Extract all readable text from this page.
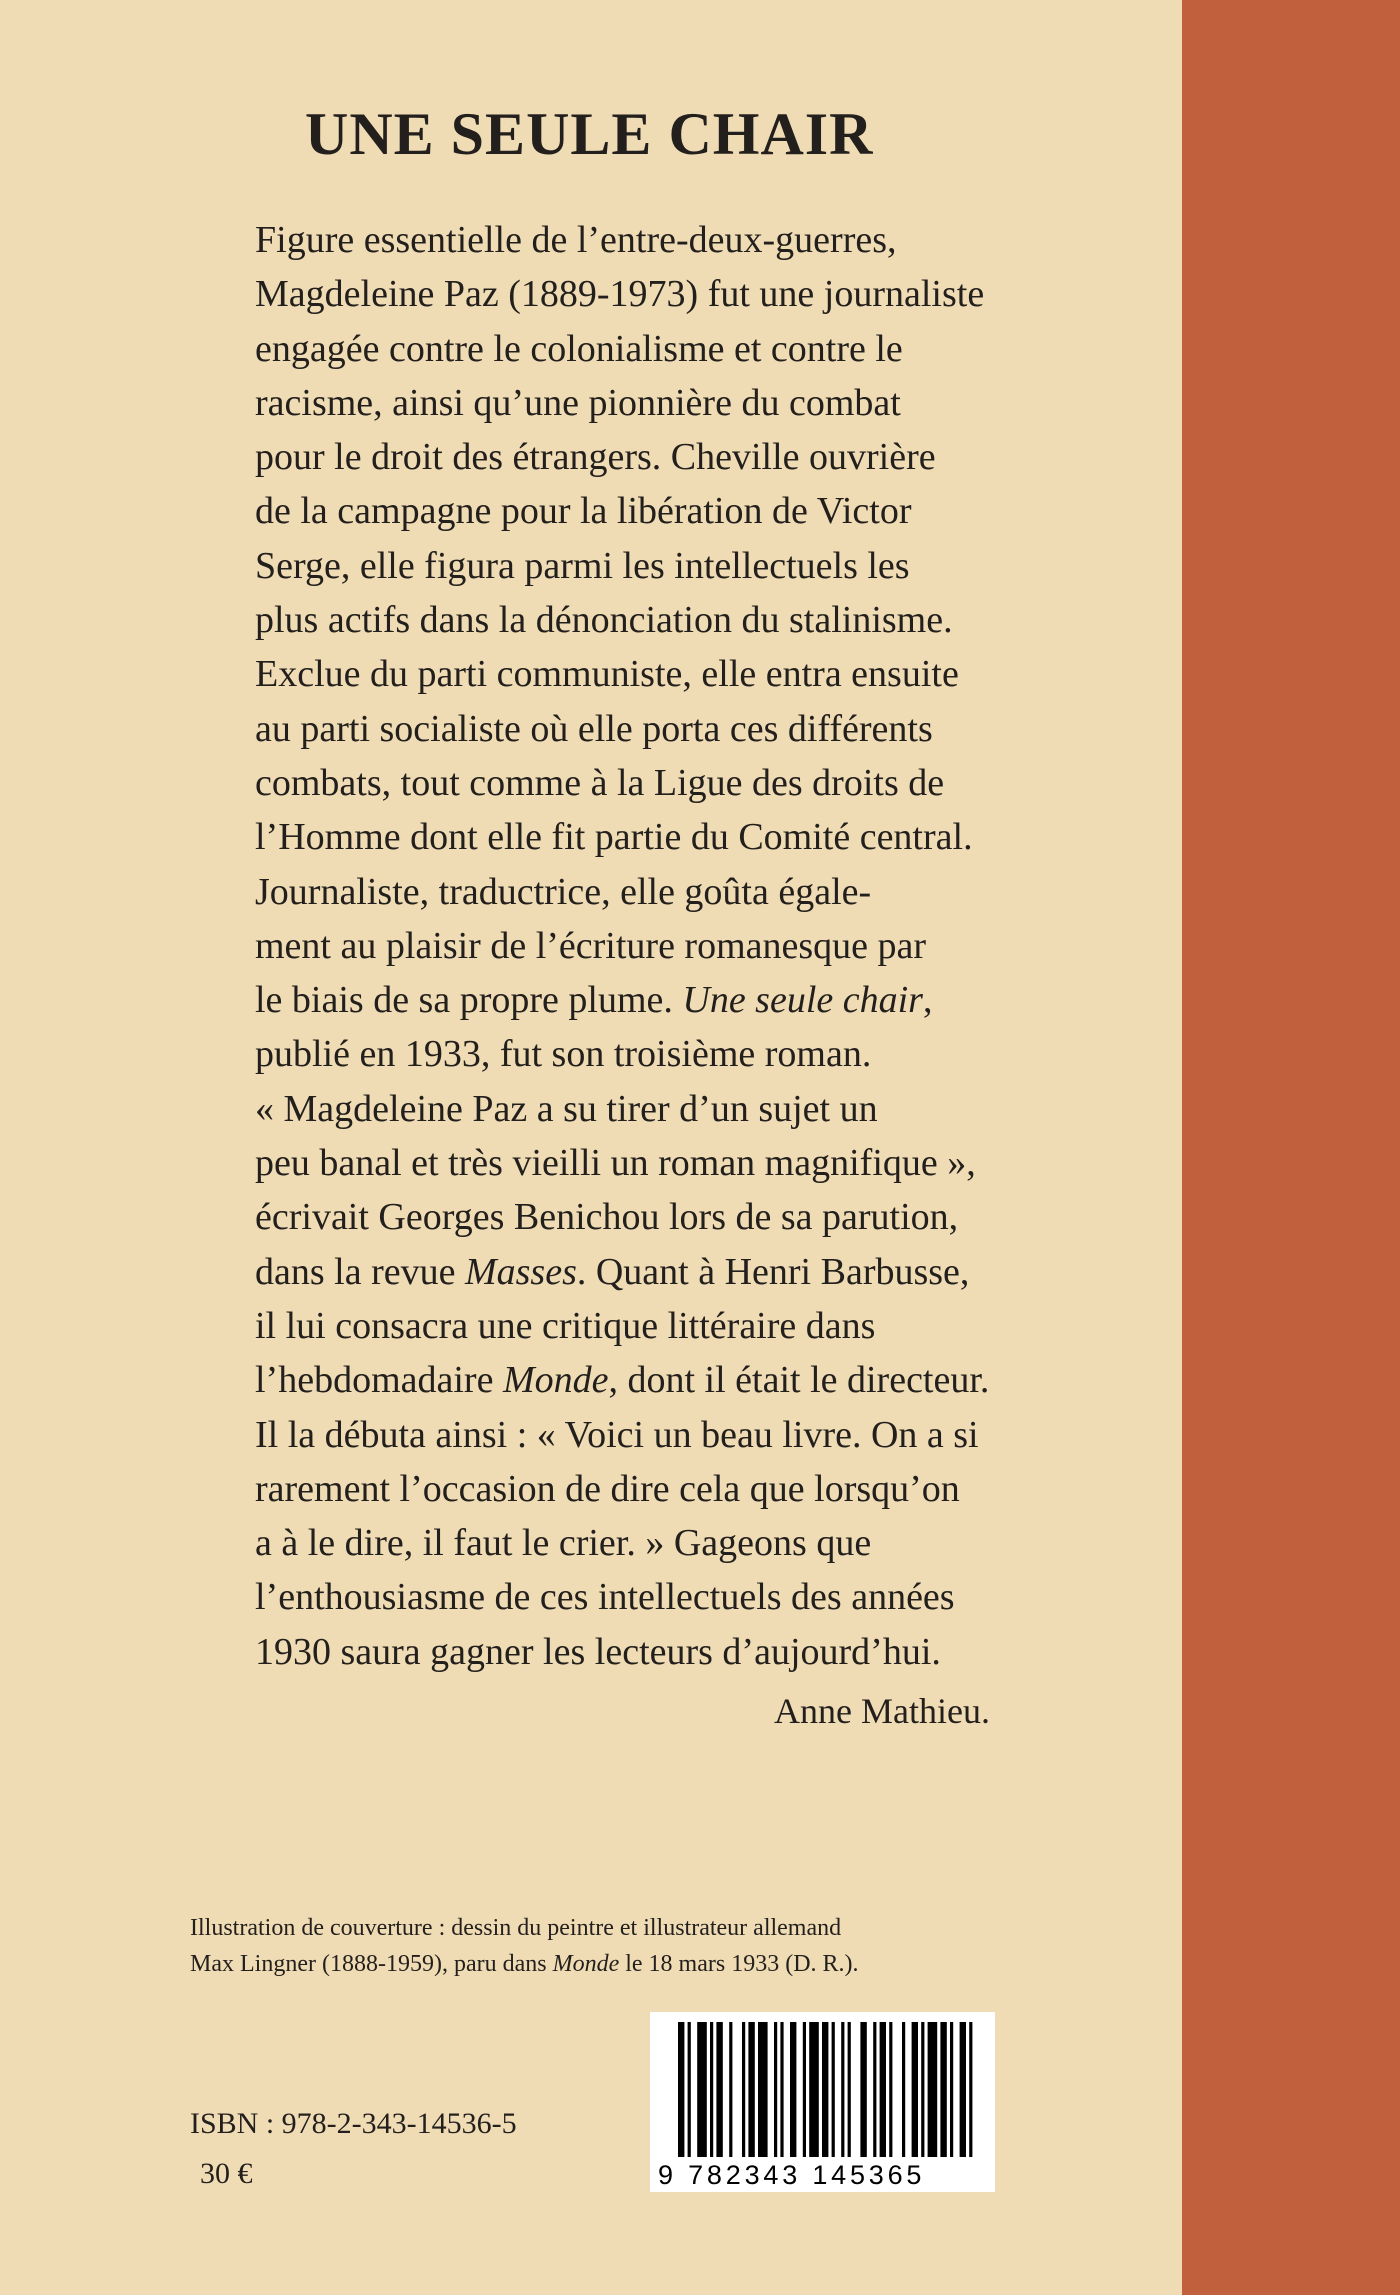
UNE SEULE CHAIR

Figure essentielle de l’entre-deux-guerres,
Magdeleine Paz (1889-1973) fut une journaliste
engagée contre le colonialisme et contre le
racisme, ainsi qu’une pionnière du combat
pour le droit des étrangers. Cheville ouvrière
de la campagne pour la libération de Victor
Serge, elle figura parmi les intellectuels les
plus actifs dans la dénonciation du stalinisme.
Exclue du parti communiste, elle entra ensuite
au parti socialiste où elle porta ces différents
combats, tout comme à la Ligue des droits de
l’Homme dont elle fit partie du Comité central.

Journaliste, traductrice, elle goûta égale-
ment au plaisir de l’écriture romanesque par
le biais de sa propre plume. Une seule chair,
publié en 1933, fut son troisième roman.

« Magdeleine Paz a su tirer d’un sujet un
peu banal et très vieilli un roman magnifique »,
écrivait Georges Benichou lors de sa parution,
dans la revue Masses. Quant à Henri Barbusse,
il lui consacra une critique littéraire dans
l’hebdomadaire Monde, dont il était le directeur.
Il la débuta ainsi : « Voici un beau livre. On a si
rarement l’occasion de dire cela que lorsqu’on
a à le dire, il faut le crier. » Gageons que
l’enthousiasme de ces intellectuels des années
1930 saura gagner les lecteurs d’aujourd’hui.

Anne Mathieu.
Illustration de couverture : dessin du peintre et illustrateur allemand
Max Lingner (1888-1959), paru dans Monde le 18 mars 1933 (D. R.).
ISBN : 978-2-343-14536-5
30 €	9 782343 145365
